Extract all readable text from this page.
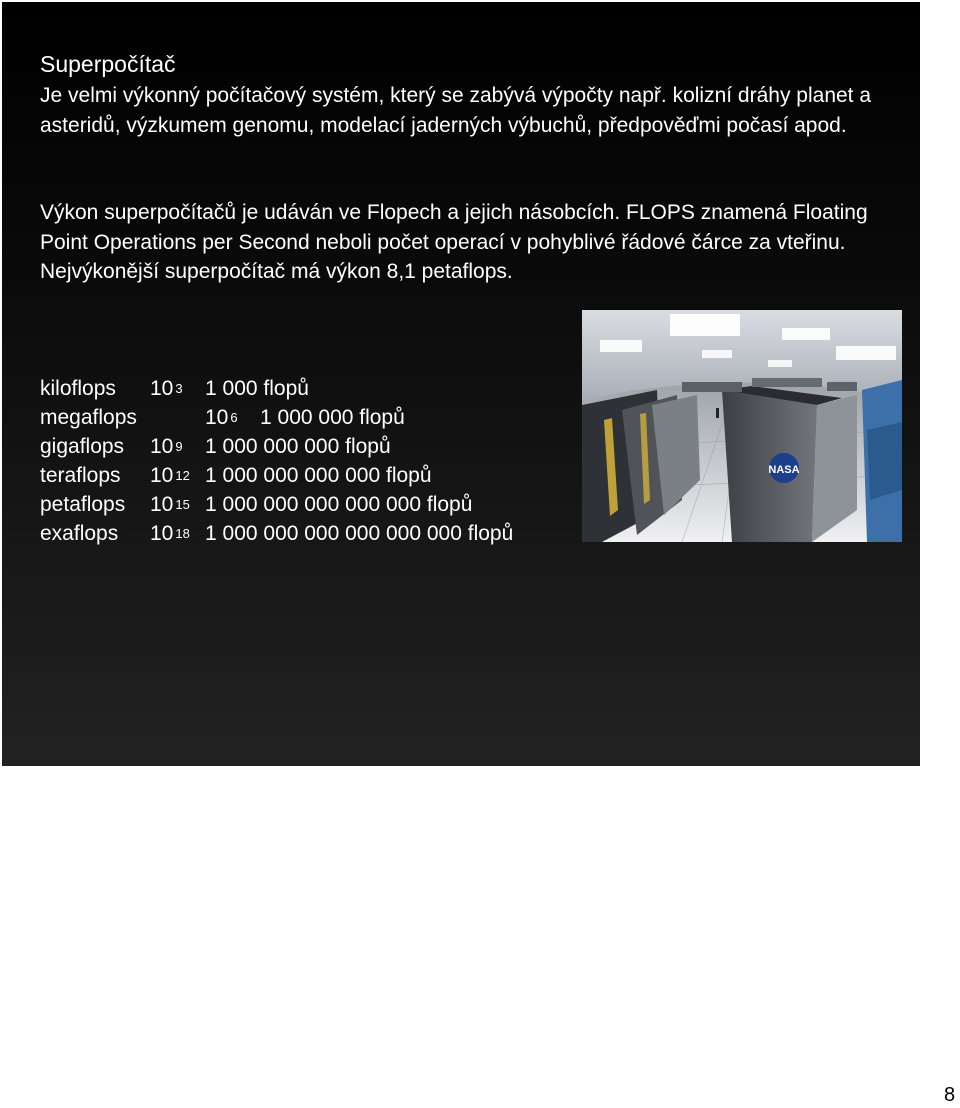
Superpočítač

Je velmi výkonný počítačový systém, který se zabývá výpočty např. kolizní dráhy planet a asteridů, výzkumem genomu, modelací jaderných výbuchů, předpověďmi počasí apod.

Výkon superpočítačů je udáván ve Flopech a jejich násobcích. FLOPS znamená Floating Point Operations per Second neboli počet operací v pohyblivé řádové čárce za vteřinu. Nejvýkonější superpočítač má výkon 8,1 petaflops.

NASA
kiloflops 10 3 1 000 flopů
megaflops	10 6 1 000 000 flopů
gigaflops 10 9 1 000 000 000 flopů
teraflops 10 12 1 000 000 000 000 flopů
petaflops 10 15 1 000 000 000 000 000 flopů
exaflops 10 18 1 000 000 000 000 000 000 flopů
8
